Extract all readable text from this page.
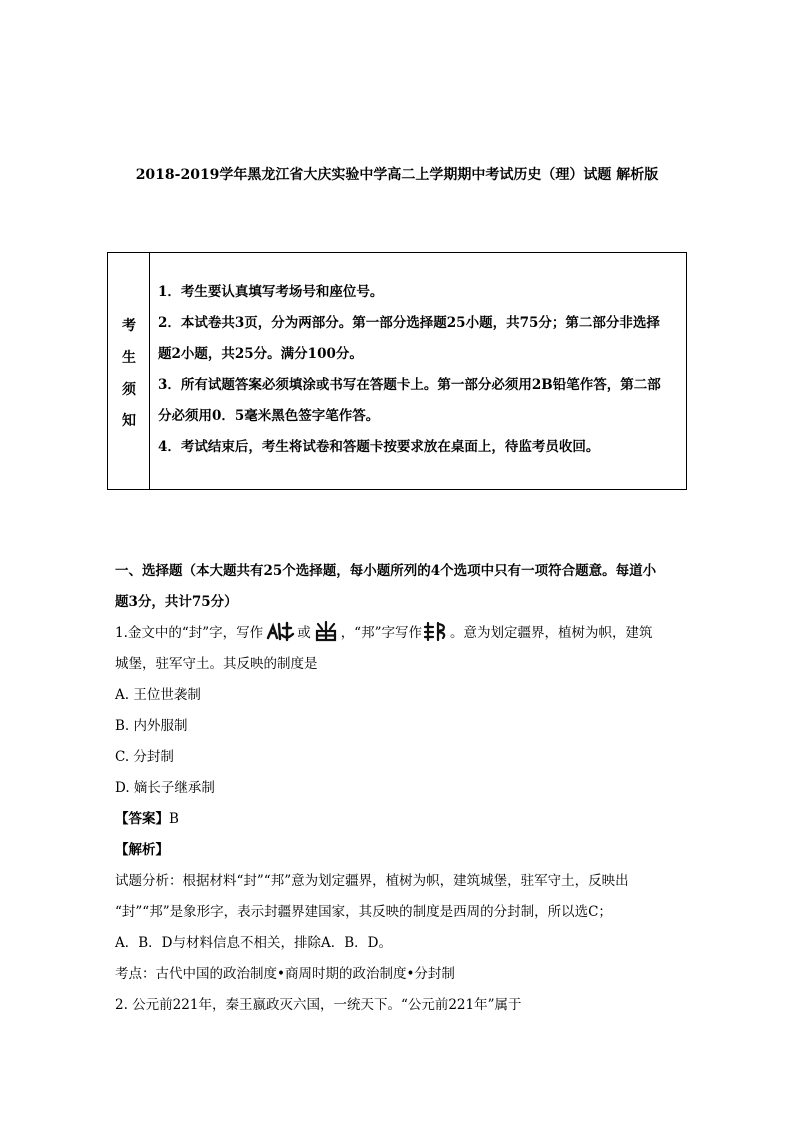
2018-2019学年黑龙江省大庆实验中学高二上学期期中考试历史（理）试题 解析版
考
生
须
知

1．考生要认真填写考场号和座位号。

2．本试卷共3页，分为两部分。第一部分选择题25小题，共75分；第二部分非选择

题2小题，共25分。满分100分。

3．所有试题答案必须填涂或书写在答题卡上。第一部分必须用2B铅笔作答，第二部

分必须用0．5毫米黑色签字笔作答。

4．考试结束后，考生将试卷和答题卡按要求放在桌面上，待监考员收回。

一、选择题（本大题共有25个选择题，每小题所列的4个选项中只有一项符合题意。每道小

题3分，共计75分）

1.金文中的“封”字，写作	或 ，“邦”字写作 。意为划定疆界，植树为帜，建筑

城堡，驻军守土。其反映的制度是

A. 王位世袭制

B. 内外服制

C. 分封制

D. 嫡长子继承制

【答案】B

【解析】

试题分析：根据材料“封”“邦”意为划定疆界，植树为帜，建筑城堡，驻军守土，反映出

“封”“邦”是象形字，表示封疆界建国家，其反映的制度是西周的分封制，所以选C；

A．B．D与材料信息不相关，排除A．B．D。

考点：古代中国的政治制度•商周时期的政治制度•分封制

2. 公元前221年，秦王嬴政灭六国，一统天下。“公元前221年”属于
